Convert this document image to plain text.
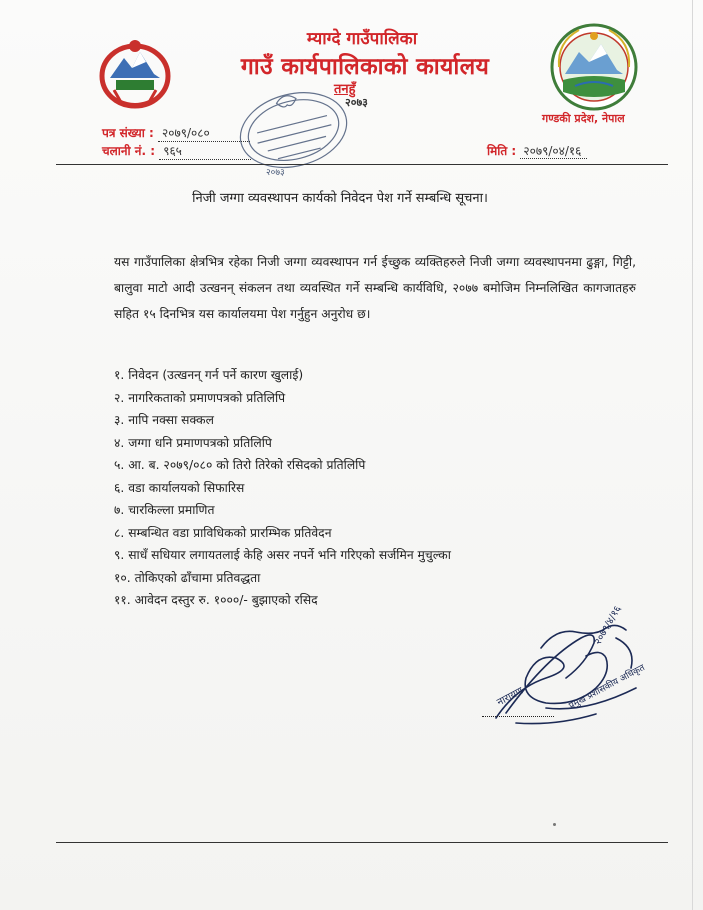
म्याग्दे गाउँपालिका
गाउँ कार्यपालिकाको कार्यालय
तनहुँ
२०७३
गण्डकी प्रदेश, नेपाल
२०७३
पत्र संख्या : २०७९/०८०
चलानी नं. : ९६५	मिति : २०७९/०४/१६
निजी जग्गा व्यवस्थापन कार्यको निवेदन पेश गर्ने सम्बन्धि सूचना।
यस गाउँपालिका क्षेत्रभित्र रहेका निजी जग्गा व्यवस्थापन गर्न ईच्छुक व्यक्तिहरुले निजी जग्गा व्यवस्थापनमा ढुङ्गा, गिट्टी, बालुवा माटो आदी उत्खनन् संकलन तथा व्यवस्थित गर्ने सम्बन्धि कार्यविधि, २०७७ बमोजिम निम्नलिखित कागजातहरु सहित १५ दिनभित्र यस कार्यालयमा पेश गर्नुहुन अनुरोध छ।
१. निवेदन (उत्खनन् गर्न पर्ने कारण खुलाई)
२. नागरिकताको प्रमाणपत्रको प्रतिलिपि
३. नापि नक्सा सक्कल
४. जग्गा धनि प्रमाणपत्रको प्रतिलिपि
५. आ. ब. २०७९/०८० को तिरो तिरेको रसिदको प्रतिलिपि
६. वडा कार्यालयको सिफारिस
७. चारकिल्ला प्रमाणित
८. सम्बन्धित वडा प्राविधिकको प्रारम्भिक प्रतिवेदन
९. साधँ सधियार लगायतलाई केहि असर नपर्ने भनि गरिएको सर्जमिन मुचुल्का
१०. तोकिएको ढाँचामा प्रतिवद्धता
११. आवेदन दस्तुर रु. १०००/- बुझाएको रसिद
२०७९/४/१६
नारायण	प्रमुख प्रशासकीय अधिकृत
